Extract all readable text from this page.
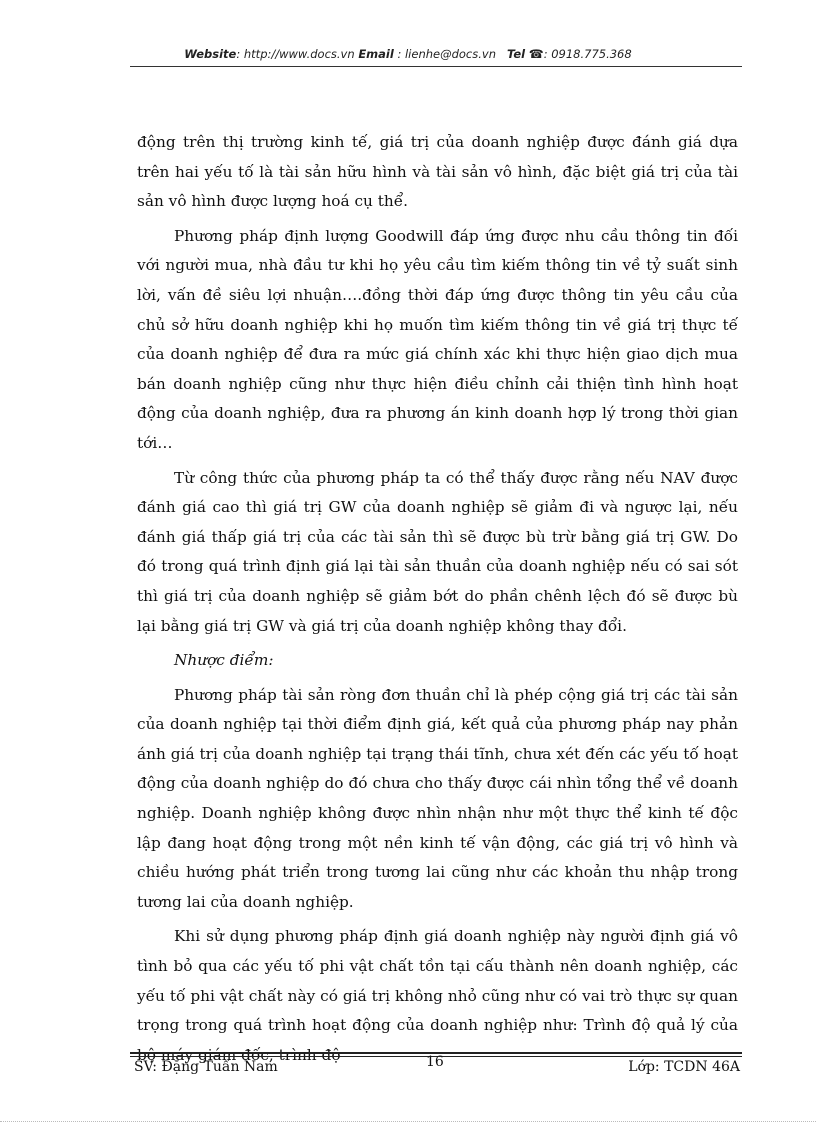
Website: http://www.docs.vn Email : lienhe@docs.vn Tel ☎: 0918.775.368

động trên thị trường kinh tế, giá trị của doanh nghiệp được đánh giá dựa trên hai yếu tố là tài sản hữu hình và tài sản vô hình, đặc biệt giá trị của tài sản vô hình được lượng hoá cụ thể.

Phương pháp định lượng Goodwill đáp ứng được nhu cầu thông tin đối với người mua, nhà đầu tư khi họ yêu cầu tìm kiếm thông tin về tỷ suất sinh lời, vấn đề siêu lợi nhuận….đồng thời đáp ứng được thông tin yêu cầu của chủ sở hữu doanh nghiệp khi họ muốn tìm kiếm thông tin về giá trị thực tế của doanh nghiệp để đưa ra mức giá chính xác khi thực hiện giao dịch mua bán doanh nghiệp cũng như thực hiện điều chỉnh cải thiện tình hình hoạt động của doanh nghiệp, đưa ra phương án kinh doanh hợp lý trong thời gian tới…

Từ công thức của phương pháp ta có thể thấy được rằng nếu NAV được đánh giá cao thì giá trị GW của doanh nghiệp sẽ giảm đi và ngược lại, nếu đánh giá thấp giá trị của các tài sản thì sẽ được bù trừ bằng giá trị GW. Do đó trong quá trình định giá lại tài sản thuần của doanh nghiệp nếu có sai sót thì giá trị của doanh nghiệp sẽ giảm bớt do phần chênh lệch đó sẽ được bù lại bằng giá trị GW và giá trị của doanh nghiệp không thay đổi.

Nhược điểm:

Phương pháp tài sản ròng đơn thuần chỉ là phép cộng giá trị các tài sản của doanh nghiệp tại thời điểm định giá, kết quả của phương pháp nay phản ánh giá trị của doanh nghiệp tại trạng thái tĩnh, chưa xét đến các yếu tố hoạt động của doanh nghiệp do đó chưa cho thấy được cái nhìn tổng thể về doanh nghiệp. Doanh nghiệp không được nhìn nhận như một thực thể kinh tế độc lập đang hoạt động trong một nền kinh tế vận động, các giá trị vô hình và chiều hướng phát triển trong tương lai cũng như các khoản thu nhập trong tương lai của doanh nghiệp.

Khi sử dụng phương pháp định giá doanh nghiệp này người định giá vô tình bỏ qua các yếu tố phi vật chất tồn tại cấu thành nên doanh nghiệp, các yếu tố phi vật chất này có giá trị không nhỏ cũng như có vai trò thực sự quan trọng trong quá trình hoạt động của doanh nghiệp như: Trình độ quả lý của bộ máy giám đốc, trình độ

SV: Đặng Tuấn Nam	16	Lớp: TCDN 46A
